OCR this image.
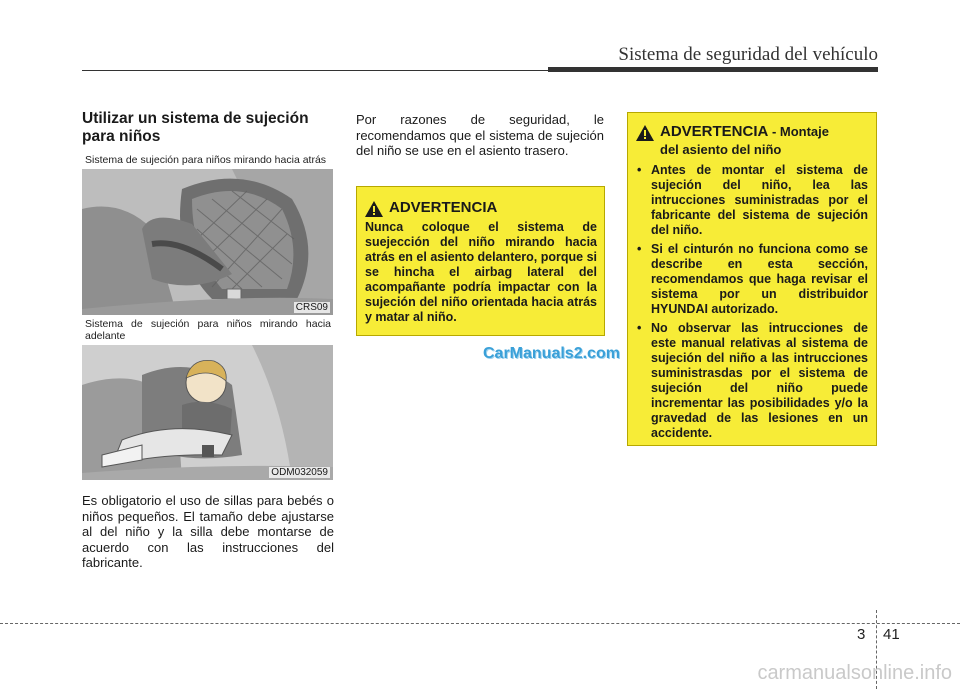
Sistema de seguridad del vehículo
Utilizar un sistema de sujeción
para niños
Sistema de sujeción para niños mirando hacia atrás
CRS09
Sistema de sujeción para niños mirando hacia adelante
ODM032059
Es obligatorio el uso de sillas para bebés o niños pequeños. El tamaño debe ajustarse al del niño y la silla debe montarse de acuerdo con las instrucciones del fabricante.
Por razones de seguridad, le recomendamos que el sistema de sujeción del niño se use en el asiento trasero.
ADVERTENCIA
Nunca coloque el sistema de suejección del niño mirando hacia atrás en el asiento delantero, porque si se hincha el airbag lateral del acompañante podría impactar con la sujeción del niño orientada hacia atrás y matar al niño.
ADVERTENCIA - Montaje
del asiento del niño
• Antes de montar el sistema de sujeción del niño, lea las intrucciones suministradas por el fabricante del sistema de sujeción del niño.
• Si el cinturón no funciona como se describe en esta sección, recomendamos que haga revisar el sistema por un distribuidor HYUNDAI autorizado.
• No observar las intrucciones de este manual relativas al sistema de sujeción del niño a las intrucciones suministrasdas por el sistema de sujeción del niño puede incrementar las posibilidades y/o la gravedad de las lesiones en un accidente.
CarManuals2.com
3 41
carmanualsonline.info
